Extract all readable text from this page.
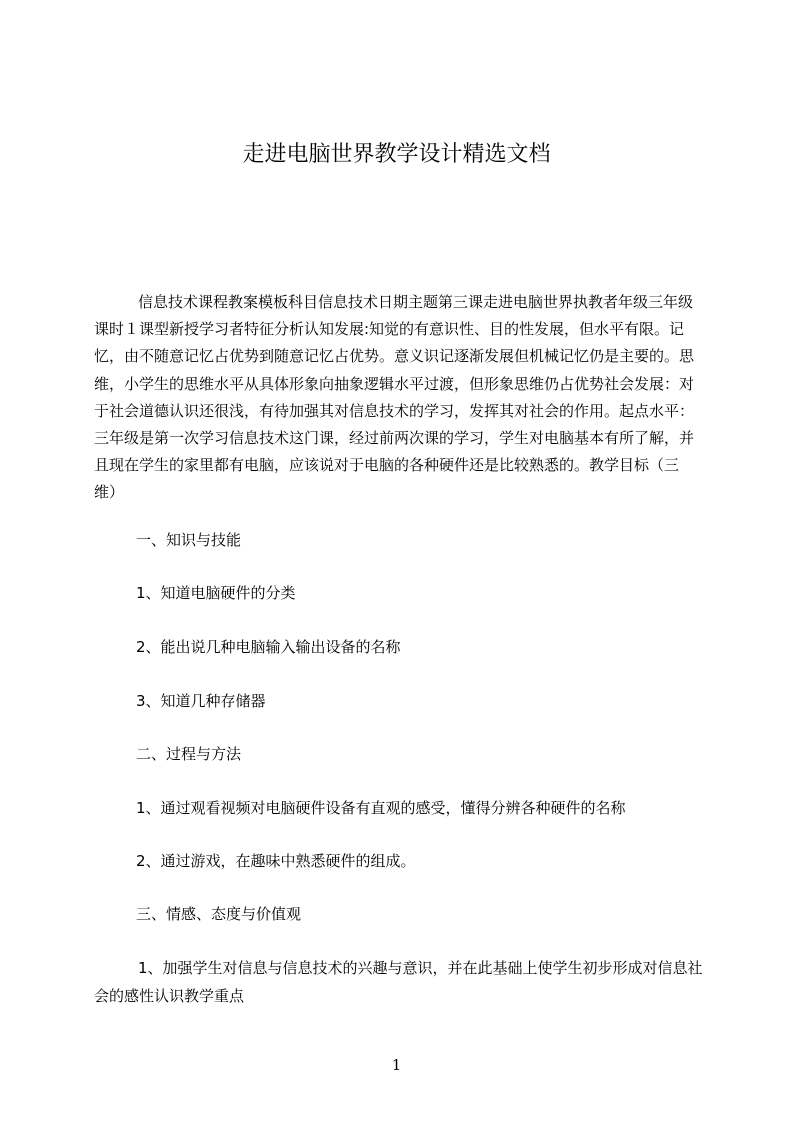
走进电脑世界教学设计精选文档

信息技术课程教案模板科目信息技术日期主题第三课走进电脑世界执教者年级三年级课时１课型新授学习者特征分析认知发展:知觉的有意识性、目的性发展，但水平有限。记忆，由不随意记忆占优势到随意记忆占优势。意义识记逐渐发展但机械记忆仍是主要的。思维，小学生的思维水平从具体形象向抽象逻辑水平过渡，但形象思维仍占优势社会发展：对于社会道德认识还很浅，有待加强其对信息技术的学习，发挥其对社会的作用。起点水平：三年级是第一次学习信息技术这门课，经过前两次课的学习，学生对电脑基本有所了解，并且现在学生的家里都有电脑，应该说对于电脑的各种硬件还是比较熟悉的。教学目标（三维）

一、知识与技能

1、知道电脑硬件的分类

2、能出说几种电脑输入输出设备的名称

3、知道几种存储器

二、过程与方法

1、通过观看视频对电脑硬件设备有直观的感受，懂得分辨各种硬件的名称

2、通过游戏，在趣味中熟悉硬件的组成。

三、情感、态度与价值观

1、加强学生对信息与信息技术的兴趣与意识，并在此基础上使学生初步形成对信息社会的感性认识教学重点

1
